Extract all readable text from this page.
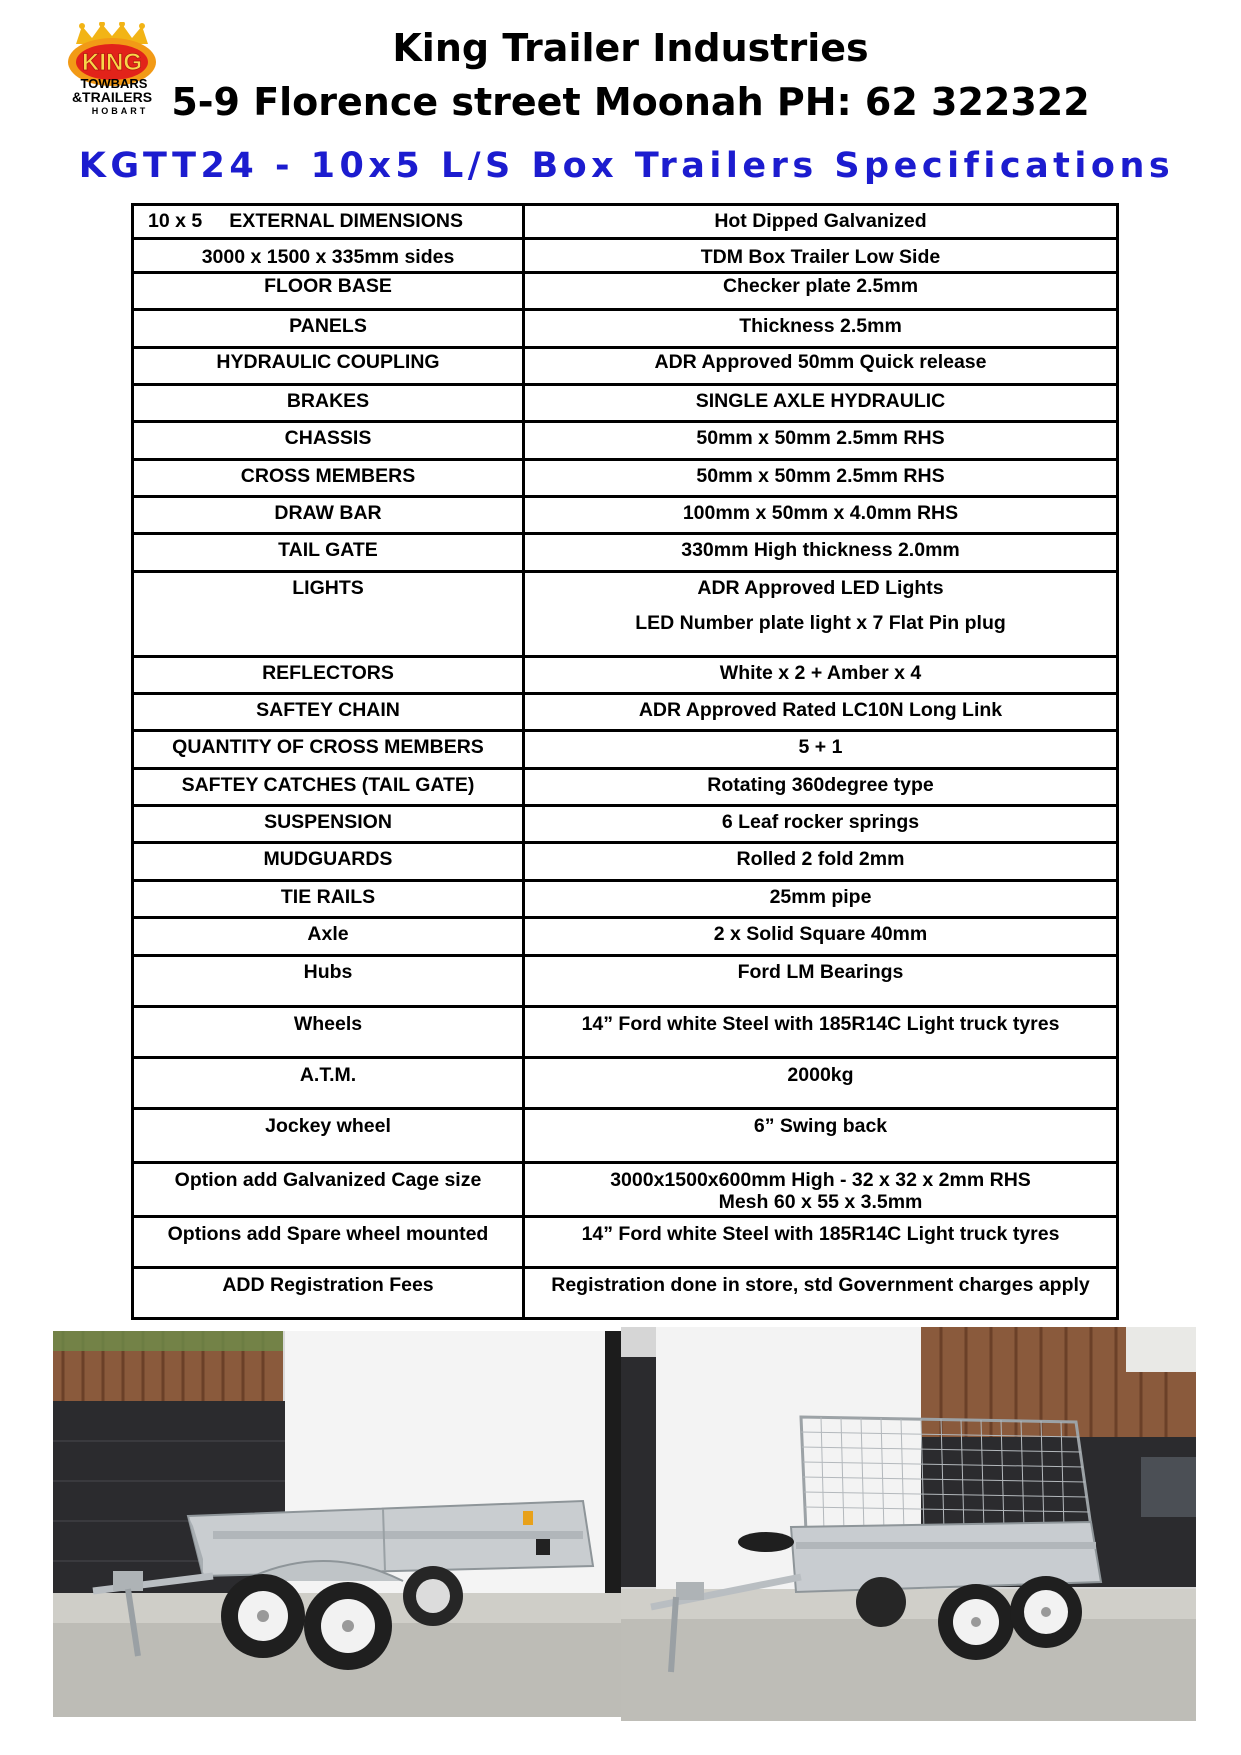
KING
TOWBARS
&TRAILERS
HOBART
King Trailer Industries
5-9 Florence street Moonah PH: 62 322322
KGTT24 - 10x5 L/S Box Trailers Specifications
10 x 5     EXTERNAL DIMENSIONS	Hot Dipped Galvanized
3000 x 1500 x 335mm sides	TDM Box Trailer Low Side
FLOOR BASE	Checker plate 2.5mm
PANELS	Thickness 2.5mm
HYDRAULIC COUPLING	ADR Approved 50mm Quick release
BRAKES	SINGLE AXLE HYDRAULIC
CHASSIS	50mm x 50mm 2.5mm RHS
CROSS MEMBERS	50mm x 50mm 2.5mm RHS
DRAW BAR	100mm x 50mm x 4.0mm RHS
TAIL GATE	330mm High thickness 2.0mm
LIGHTS	ADR Approved LED Lights
LED Number plate light x 7 Flat Pin plug

REFLECTORS	White x 2 + Amber x 4
SAFTEY CHAIN	ADR Approved Rated LC10N Long Link
QUANTITY OF CROSS MEMBERS	5 + 1
SAFTEY CATCHES (TAIL GATE)	Rotating 360degree type
SUSPENSION	6 Leaf rocker springs
MUDGUARDS	Rolled 2 fold 2mm
TIE RAILS	25mm pipe
Axle	2 x Solid Square 40mm
Hubs	Ford LM Bearings
Wheels	14” Ford white Steel with 185R14C Light truck tyres
A.T.M.	2000kg
Jockey wheel	6” Swing back
Option add Galvanized Cage size	3000x1500x600mm High - 32 x 32 x 2mm RHS
Mesh 60 x 55 x 3.5mm

Options add Spare wheel mounted	14” Ford white Steel with 185R14C Light truck tyres
ADD Registration Fees	Registration done in store, std Government charges apply
